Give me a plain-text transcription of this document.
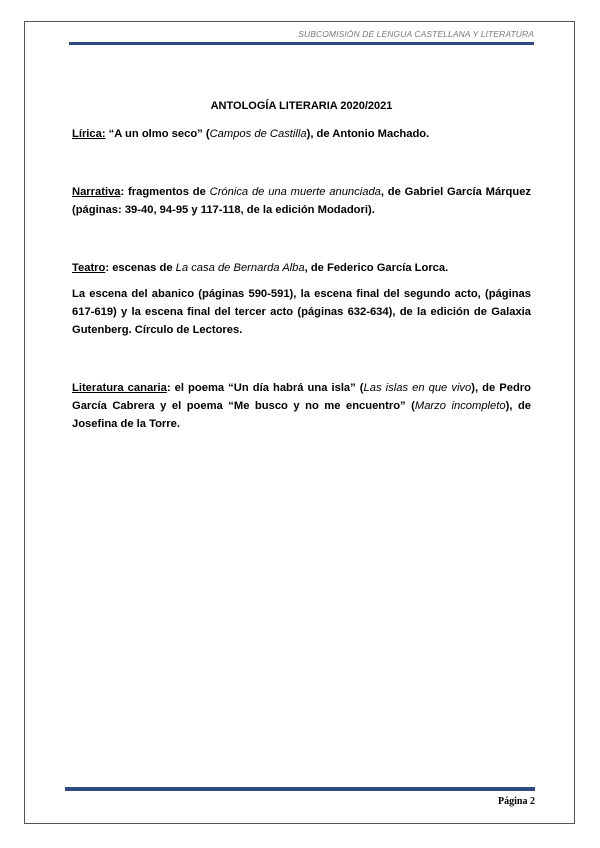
SUBCOMISIÓN DE LENGUA CASTELLANA Y LITERATURA
ANTOLOGÍA LITERARIA 2020/2021

Lírica: “A un olmo seco” (Campos de Castilla), de Antonio Machado.

Narrativa: fragmentos de Crónica de una muerte anunciada, de Gabriel García Márquez (páginas: 39-40, 94-95 y 117-118, de la edición Modadori).

Teatro: escenas de La casa de Bernarda Alba, de Federico García Lorca.

La escena del abanico (páginas 590-591), la escena final del segundo acto, (páginas 617-619) y la escena final del tercer acto (páginas 632-634), de la edición de Galaxia Gutenberg. Círculo de Lectores.

Literatura canaria: el poema “Un día habrá una isla” (Las islas en que vivo), de Pedro García Cabrera y el poema “Me busco y no me encuentro” (Marzo incompleto), de Josefina de la Torre.

Página 2
